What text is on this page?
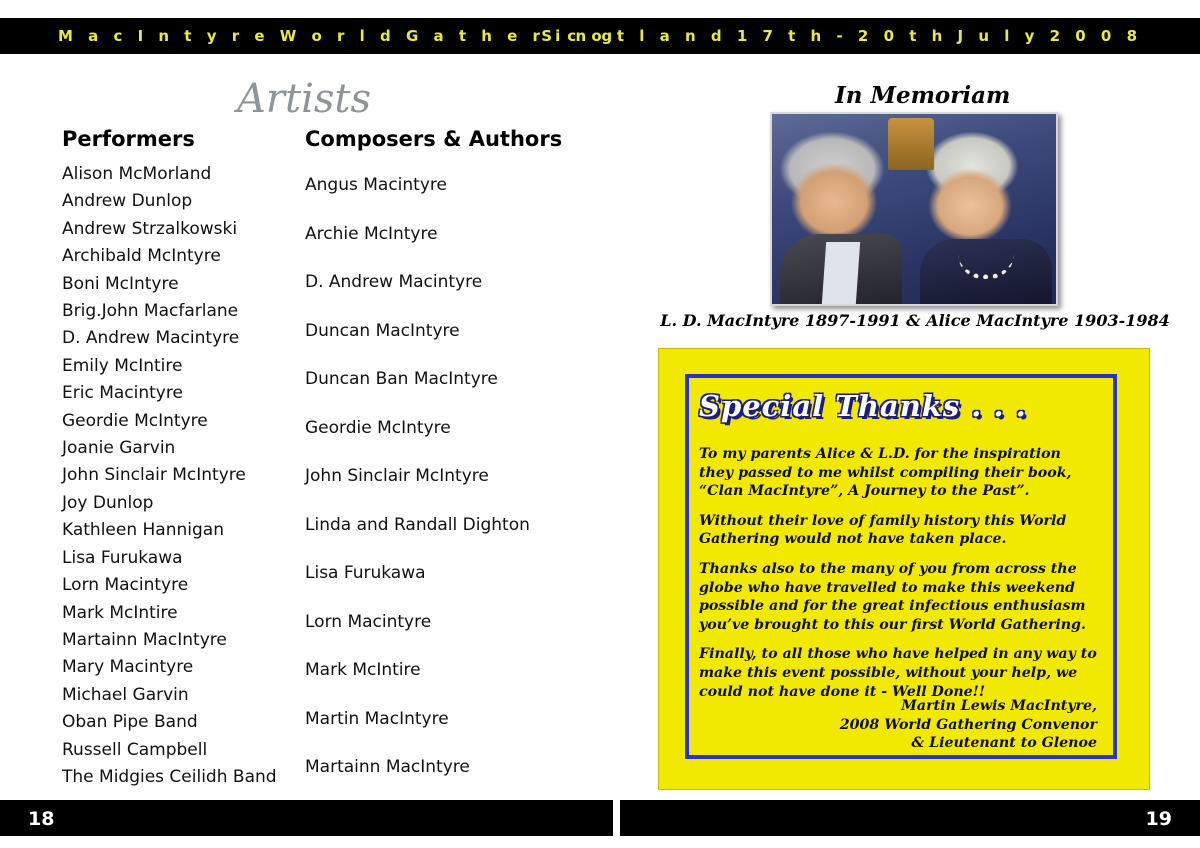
M a c I n t y r e W o r l d G a t h e r i n g
S c o t l a n d 1 7 t h - 2 0 t h J u l y 2 0 0 8
Artists
Performers
Alison McMorland
Andrew Dunlop
Andrew Strzalkowski
Archibald McIntyre
Boni McIntyre
Brig.John Macfarlane
D. Andrew Macintyre
Emily McIntire
Eric Macintyre
Geordie McIntyre
Joanie Garvin
John Sinclair McIntyre
Joy Dunlop
Kathleen Hannigan
Lisa Furukawa
Lorn Macintyre
Mark McIntire
Martainn MacIntyre
Mary Macintyre
Michael Garvin
Oban Pipe Band
Russell Campbell
The Midgies Ceilidh Band
Composers & Authors
Angus Macintyre
Archie McIntyre
D. Andrew Macintyre
Duncan MacIntyre
Duncan Ban MacIntyre
Geordie McIntyre
John Sinclair McIntyre
Linda and Randall Dighton
Lisa Furukawa
Lorn Macintyre
Mark McIntire
Martin MacIntyre
Martainn MacIntyre
In Memoriam
L. D. MacIntyre 1897-1991 & Alice MacIntyre 1903-1984
Special Thanks . . .

To my parents Alice & L.D. for the inspiration they passed to me whilst compiling their book, “Clan MacIntyre”, A Journey to the Past”.

Without their love of family history this World Gathering would not have taken place.

Thanks also to the many of you from across the globe who have travelled to make this weekend possible and for the great infectious enthusiasm you’ve brought to this our first World Gathering.

Finally, to all those who have helped in any way to make this event possible, without your help, we could not have done it - Well Done!!

Martin Lewis MacIntyre,
2008 World Gathering Convenor
& Lieutenant to Glenoe
18	19
